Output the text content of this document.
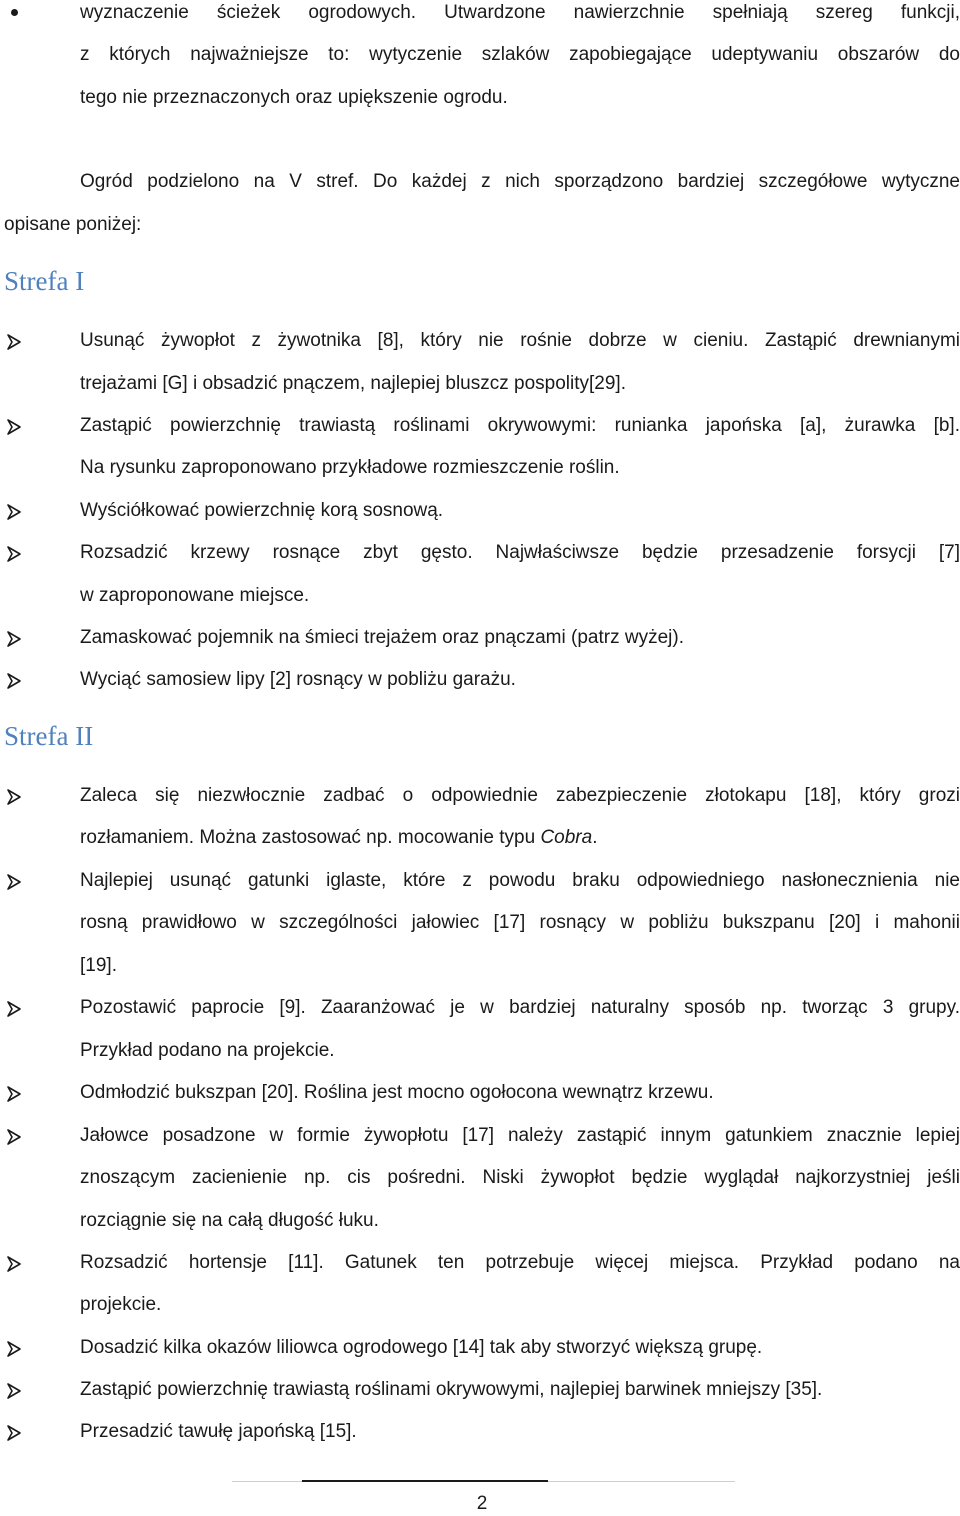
wyznaczenie ścieżek ogrodowych. Utwardzone nawierzchnie spełniają szereg funkcji,
z których najważniejsze to: wytyczenie szlaków zapobiegające udeptywaniu obszarów do
tego nie przeznaczonych oraz upiększenie ogrodu.
Ogród podzielono na V stref. Do każdej z nich sporządzono bardziej szczegółowe wytyczne
opisane poniżej:
Strefa I
Usunąć żywopłot z żywotnika [8], który nie rośnie dobrze w cieniu. Zastąpić drewnianymi
trejażami [G] i obsadzić pnączem, najlepiej bluszcz pospolity[29].
Zastąpić powierzchnię trawiastą roślinami okrywowymi: runianka japońska [a], żurawka [b].
Na rysunku zaproponowano przykładowe rozmieszczenie roślin.
Wyściółkować powierzchnię korą sosnową.
Rozsadzić krzewy rosnące zbyt gęsto. Najwłaściwsze będzie przesadzenie forsycji [7]
w zaproponowane miejsce.
Zamaskować pojemnik na śmieci trejażem oraz pnączami (patrz wyżej).
Wyciąć samosiew lipy [2] rosnący w pobliżu garażu.
Strefa II
Zaleca się niezwłocznie zadbać o odpowiednie zabezpieczenie złotokapu [18], który grozi
rozłamaniem. Można zastosować np. mocowanie typu Cobra.
Najlepiej usunąć gatunki iglaste, które z powodu braku odpowiedniego nasłonecznienia nie
rosną prawidłowo w szczególności jałowiec [17] rosnący w pobliżu bukszpanu [20] i mahonii
[19].
Pozostawić paprocie [9]. Zaaranżować je w bardziej naturalny sposób np. tworząc 3 grupy.
Przykład podano na projekcie.
Odmłodzić bukszpan [20]. Roślina jest mocno ogołocona wewnątrz krzewu.
Jałowce posadzone w formie żywopłotu [17] należy zastąpić innym gatunkiem znacznie lepiej
znoszącym zacienienie np. cis pośredni. Niski żywopłot będzie wyglądał najkorzystniej jeśli
rozciągnie się na całą długość łuku.
Rozsadzić hortensje [11]. Gatunek ten potrzebuje więcej miejsca. Przykład podano na
projekcie.
Dosadzić kilka okazów liliowca ogrodowego [14] tak aby stworzyć większą grupę.
Zastąpić powierzchnię trawiastą roślinami okrywowymi, najlepiej barwinek mniejszy [35].
Przesadzić tawułę japońską [15].
2
